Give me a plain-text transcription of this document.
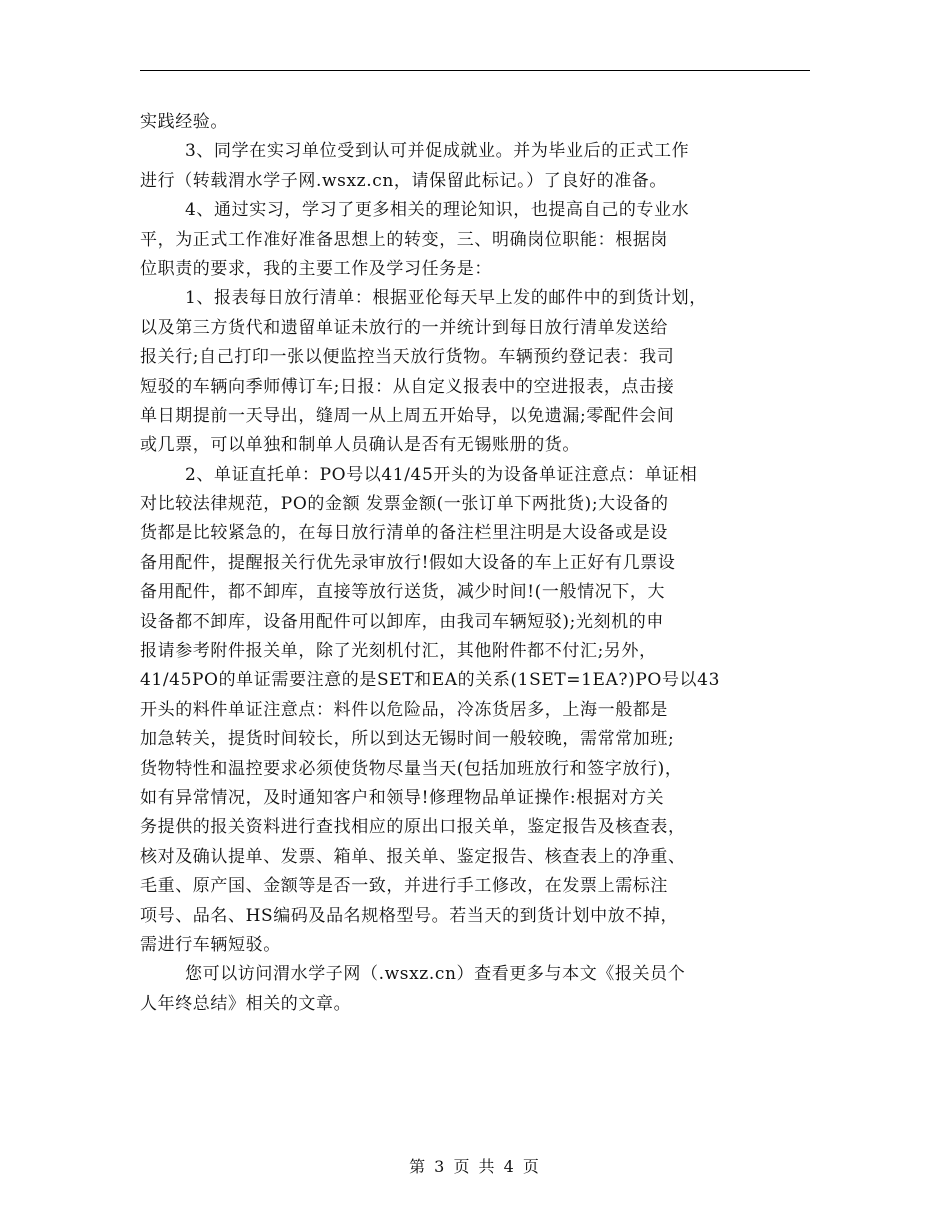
实践经验。
3、同学在实习单位受到认可并促成就业。并为毕业后的正式工作
进行（转载渭水学子网.wsxz.cn，请保留此标记。）了良好的准备。
4、通过实习，学习了更多相关的理论知识，也提高自己的专业水
平，为正式工作准好准备思想上的转变，三、明确岗位职能：根据岗
位职责的要求，我的主要工作及学习任务是：
1、报表每日放行清单：根据亚伦每天早上发的邮件中的到货计划，
以及第三方货代和遗留单证未放行的一并统计到每日放行清单发送给
报关行;自己打印一张以便监控当天放行货物。车辆预约登记表：我司
短驳的车辆向季师傅订车;日报：从自定义报表中的空进报表，点击接
单日期提前一天导出，缝周一从上周五开始导，以免遗漏;零配件会间
或几票，可以单独和制单人员确认是否有无锡账册的货。
2、单证直托单：PO号以41/45开头的为设备单证注意点：单证相
对比较法律规范，PO的金额 发票金额(一张订单下两批货);大设备的
货都是比较紧急的，在每日放行清单的备注栏里注明是大设备或是设
备用配件，提醒报关行优先录审放行!假如大设备的车上正好有几票设
备用配件，都不卸库，直接等放行送货，减少时间!(一般情况下，大
设备都不卸库，设备用配件可以卸库，由我司车辆短驳);光刻机的申
报请参考附件报关单，除了光刻机付汇，其他附件都不付汇;另外，
41/45PO的单证需要注意的是SET和EA的关系(1SET=1EA?)PO号以43
开头的料件单证注意点：料件以危险品，冷冻货居多，上海一般都是
加急转关，提货时间较长，所以到达无锡时间一般较晚，需常常加班;
货物特性和温控要求必须使货物尽量当天(包括加班放行和签字放行)，
如有异常情况，及时通知客户和领导!修理物品单证操作:根据对方关
务提供的报关资料进行查找相应的原出口报关单，鉴定报告及核查表，
核对及确认提单、发票、箱单、报关单、鉴定报告、核查表上的净重、
毛重、原产国、金额等是否一致，并进行手工修改，在发票上需标注
项号、品名、HS编码及品名规格型号。若当天的到货计划中放不掉，
需进行车辆短驳。
您可以访问渭水学子网（.wsxz.cn）查看更多与本文《报关员个
人年终总结》相关的文章。
第 3 页 共 4 页
